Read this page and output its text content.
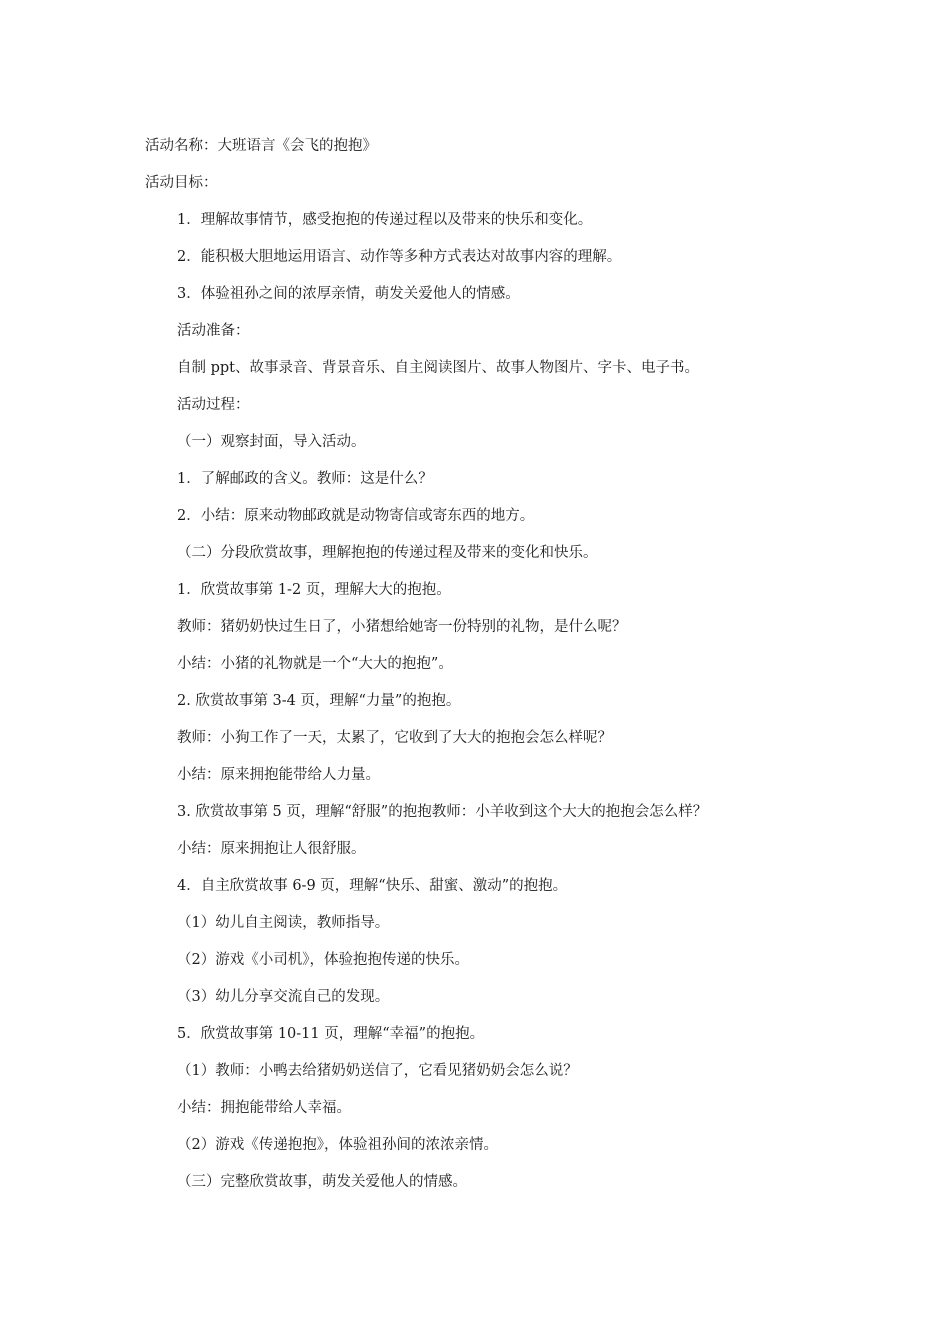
活动名称：大班语言《会飞的抱抱》
活动目标：
1．理解故事情节，感受抱抱的传递过程以及带来的快乐和变化。
2．能积极大胆地运用语言、动作等多种方式表达对故事内容的理解。
3．体验祖孙之间的浓厚亲情，萌发关爱他人的情感。
活动准备：
自制 ppt、故事录音、背景音乐、自主阅读图片、故事人物图片、字卡、电子书。
活动过程：
（一）观察封面，导入活动。
1．了解邮政的含义。教师：这是什么？
2．小结：原来动物邮政就是动物寄信或寄东西的地方。
（二）分段欣赏故事，理解抱抱的传递过程及带来的变化和快乐。
1．欣赏故事第 1-2 页，理解大大的抱抱。
教师：猪奶奶快过生日了，小猪想给她寄一份特别的礼物，是什么呢？
小结：小猪的礼物就是一个“大大的抱抱”。
2. 欣赏故事第 3-4 页，理解“力量”的抱抱。
教师：小狗工作了一天，太累了，它收到了大大的抱抱会怎么样呢？
小结：原来拥抱能带给人力量。
3. 欣赏故事第 5 页，理解“舒服”的抱抱教师：小羊收到这个大大的抱抱会怎么样？
小结：原来拥抱让人很舒服。
4．自主欣赏故事 6-9 页，理解“快乐、甜蜜、激动”的抱抱。
（1）幼儿自主阅读，教师指导。
（2）游戏《小司机》，体验抱抱传递的快乐。
（3）幼儿分享交流自己的发现。
5．欣赏故事第 10-11 页，理解“幸福”的抱抱。
（1）教师：小鸭去给猪奶奶送信了，它看见猪奶奶会怎么说？
小结：拥抱能带给人幸福。
（2）游戏《传递抱抱》，体验祖孙间的浓浓亲情。
（三）完整欣赏故事，萌发关爱他人的情感。
